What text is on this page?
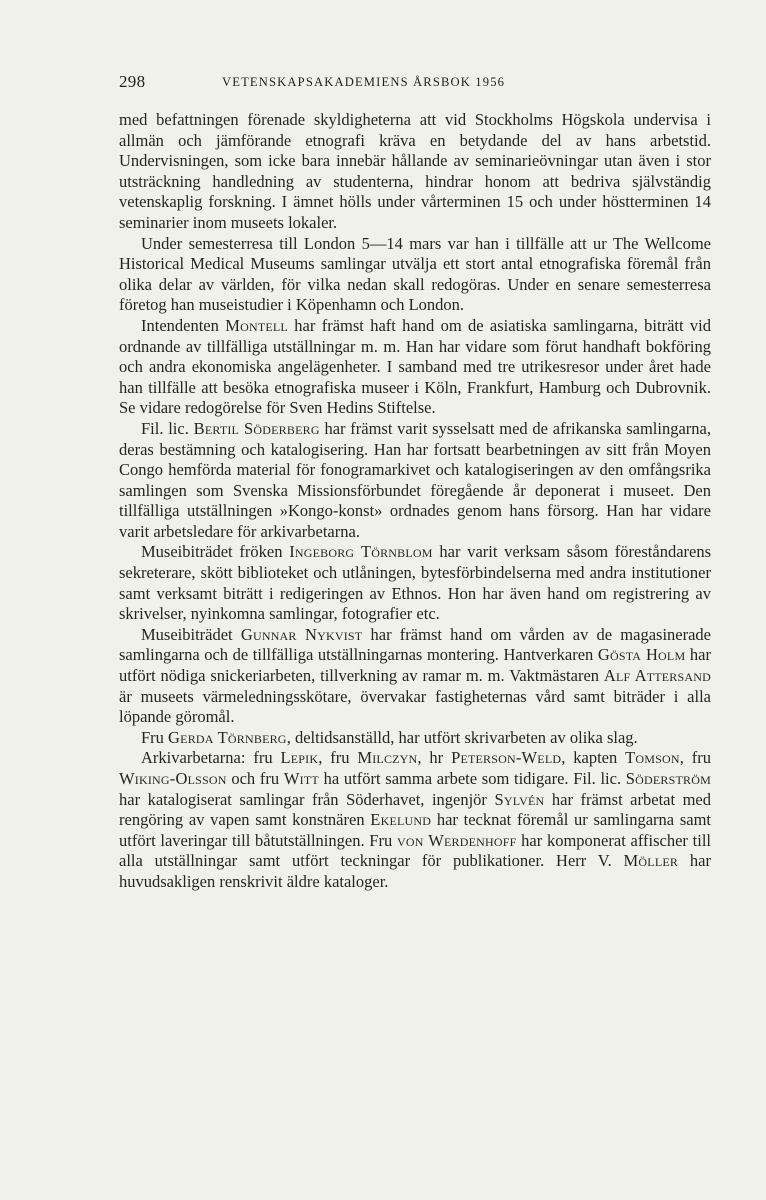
298	VETENSKAPSAKADEMIENS ÅRSBOK 1956

med befattningen förenade skyldigheterna att vid Stockholms Högskola undervisa i allmän och jämförande etnografi kräva en betydande del av hans arbetstid. Undervisningen, som icke bara innebär hållande av seminarieövningar utan även i stor utsträckning handledning av studenterna, hindrar honom att bedriva självständig vetenskaplig forskning. I ämnet hölls under vårterminen 15 och under höstterminen 14 seminarier inom museets lokaler.

Under semesterresa till London 5—14 mars var han i tillfälle att ur The Wellcome Historical Medical Museums samlingar utvälja ett stort antal etnografiska föremål från olika delar av världen, för vilka nedan skall redogöras. Under en senare semesterresa företog han museistudier i Köpenhamn och London.

Intendenten Montell har främst haft hand om de asiatiska samlingarna, biträtt vid ordnande av tillfälliga utställningar m. m. Han har vidare som förut handhaft bokföring och andra ekonomiska angelägenheter. I samband med tre utrikesresor under året hade han tillfälle att besöka etnografiska museer i Köln, Frankfurt, Hamburg och Dubrovnik. Se vidare redogörelse för Sven Hedins Stiftelse.

Fil. lic. Bertil Söderberg har främst varit sysselsatt med de afrikanska samlingarna, deras bestämning och katalogisering. Han har fortsatt bearbetningen av sitt från Moyen Congo hemförda material för fonogramarkivet och katalogiseringen av den omfångsrika samlingen som Svenska Missionsförbundet föregående år deponerat i museet. Den tillfälliga utställningen »Kongo-konst» ordnades genom hans försorg. Han har vidare varit arbetsledare för arkivarbetarna.

Museibiträdet fröken Ingeborg Törnblom har varit verksam såsom föreståndarens sekreterare, skött biblioteket och utlåningen, bytesförbindelserna med andra institutioner samt verksamt biträtt i redigeringen av Ethnos. Hon har även hand om registrering av skrivelser, nyinkomna samlingar, fotografier etc.

Museibiträdet Gunnar Nykvist har främst hand om vården av de magasinerade samlingarna och de tillfälliga utställningarnas montering. Hantverkaren Gösta Holm har utfört nödiga snickeriarbeten, tillverkning av ramar m. m. Vaktmästaren Alf Attersand är museets värmeledningsskötare, övervakar fastigheternas vård samt biträder i alla löpande göromål.

Fru Gerda Törnberg, deltidsanställd, har utfört skrivarbeten av olika slag.

Arkivarbetarna: fru Lepik, fru Milczyn, hr Peterson-Weld, kapten Tomson, fru Wiking-Olsson och fru Witt ha utfört samma arbete som tidigare. Fil. lic. Söderström har katalogiserat samlingar från Söderhavet, ingenjör Sylvén har främst arbetat med rengöring av vapen samt konstnären Ekelund har tecknat föremål ur samlingarna samt utfört laveringar till båtutställningen. Fru von Werdenhoff har komponerat affischer till alla utställningar samt utfört teckningar för publikationer. Herr V. Möller har huvudsakligen renskrivit äldre kataloger.
